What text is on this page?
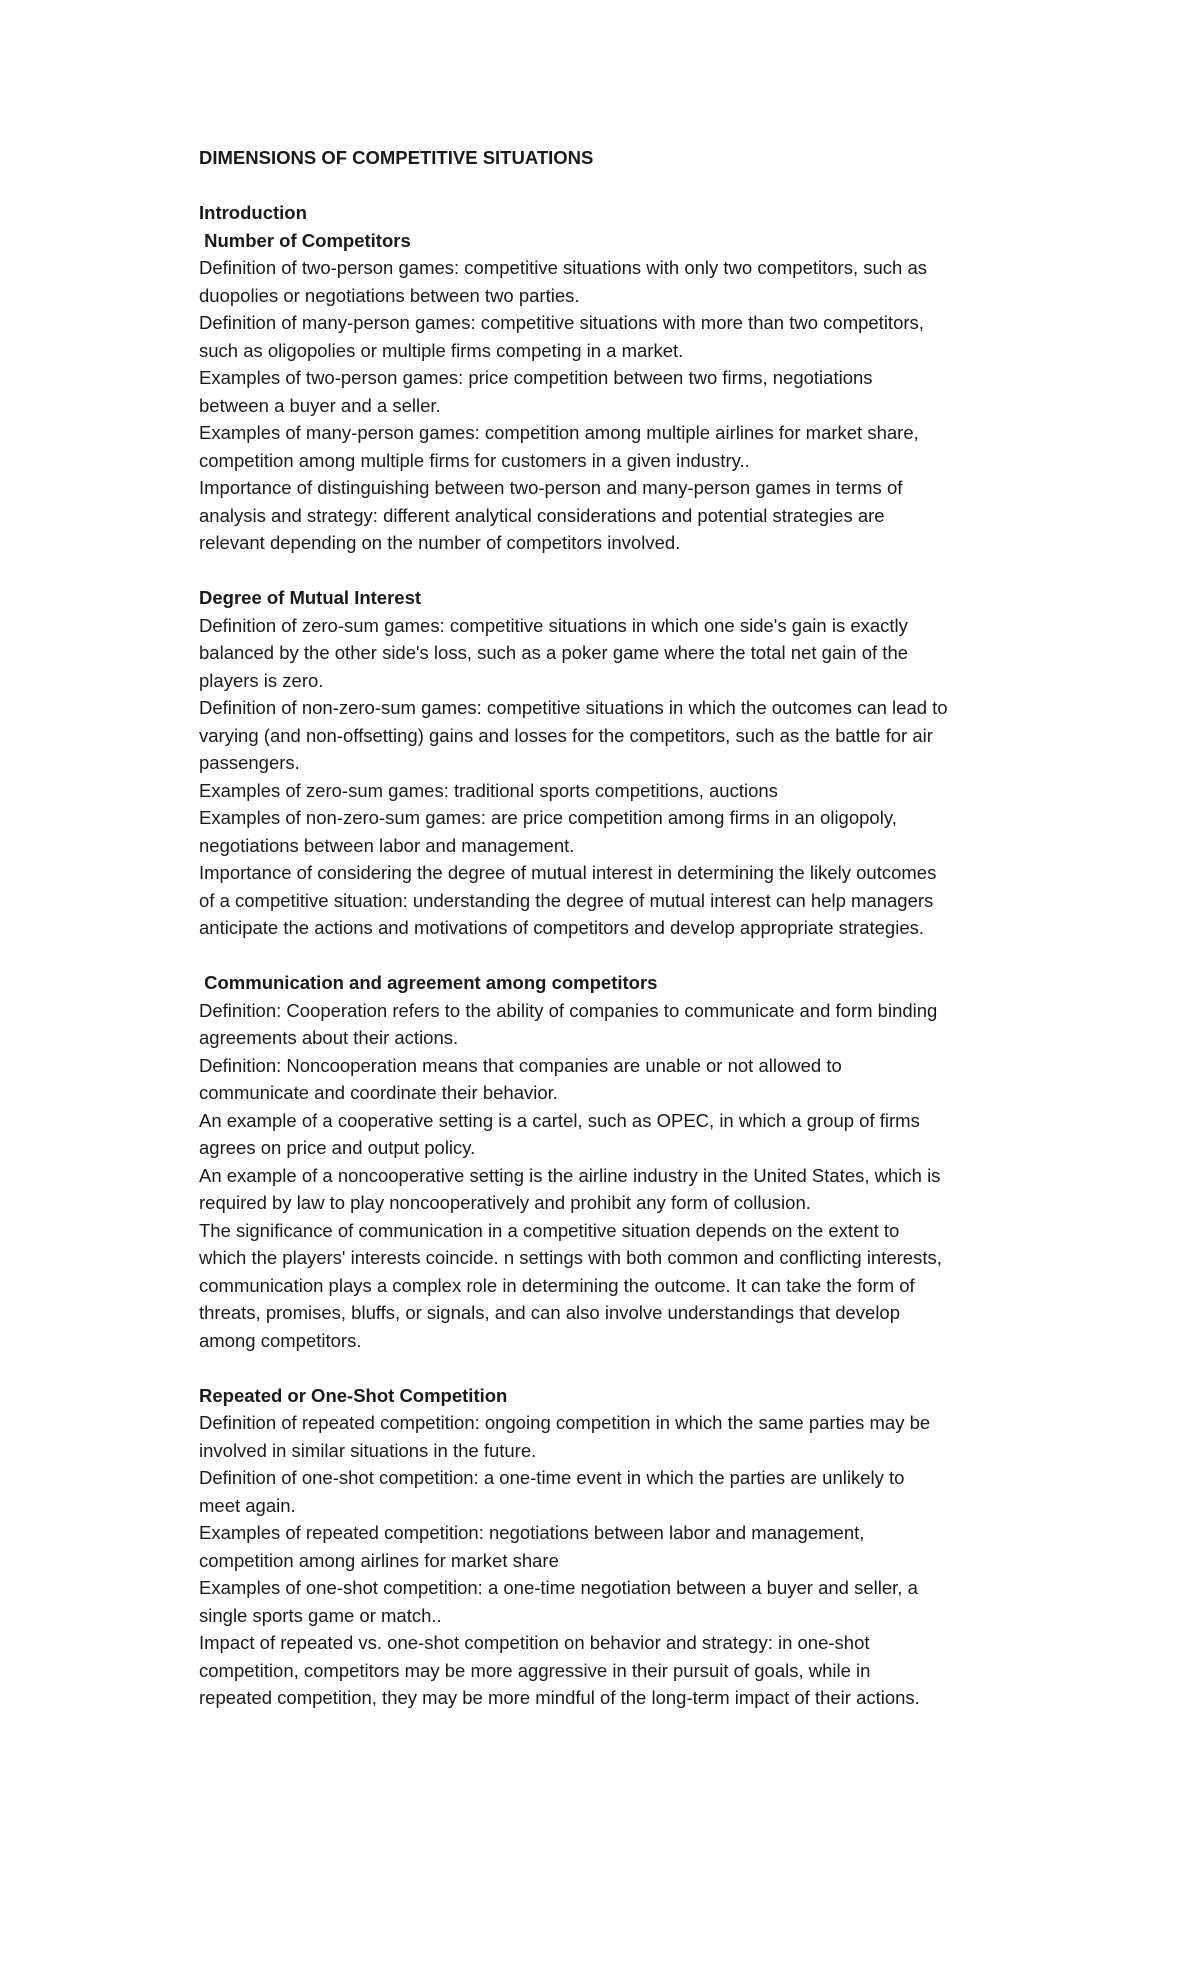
DIMENSIONS OF COMPETITIVE SITUATIONS
Introduction
Number of Competitors
Definition of two-person games: competitive situations with only two competitors, such as
duopolies or negotiations between two parties.
Definition of many-person games: competitive situations with more than two competitors,
such as oligopolies or multiple firms competing in a market.
Examples of two-person games: price competition between two firms, negotiations
between a buyer and a seller.
Examples of many-person games: competition among multiple airlines for market share,
competition among multiple firms for customers in a given industry..
Importance of distinguishing between two-person and many-person games in terms of
analysis and strategy: different analytical considerations and potential strategies are
relevant depending on the number of competitors involved.
Degree of Mutual Interest
Definition of zero-sum games: competitive situations in which one side's gain is exactly
balanced by the other side's loss, such as a poker game where the total net gain of the
players is zero.
Definition of non-zero-sum games: competitive situations in which the outcomes can lead to
varying (and non-offsetting) gains and losses for the competitors, such as the battle for air
passengers.
Examples of zero-sum games: traditional sports competitions, auctions
Examples of non-zero-sum games: are price competition among firms in an oligopoly,
negotiations between labor and management.
Importance of considering the degree of mutual interest in determining the likely outcomes
of a competitive situation: understanding the degree of mutual interest can help managers
anticipate the actions and motivations of competitors and develop appropriate strategies.
Communication and agreement among competitors
Definition: Cooperation refers to the ability of companies to communicate and form binding
agreements about their actions.
Definition: Noncooperation means that companies are unable or not allowed to
communicate and coordinate their behavior.
An example of a cooperative setting is a cartel, such as OPEC, in which a group of firms
agrees on price and output policy.
An example of a noncooperative setting is the airline industry in the United States, which is
required by law to play noncooperatively and prohibit any form of collusion.
The significance of communication in a competitive situation depends on the extent to
which the players' interests coincide. n settings with both common and conflicting interests,
communication plays a complex role in determining the outcome. It can take the form of
threats, promises, bluffs, or signals, and can also involve understandings that develop
among competitors.
Repeated or One-Shot Competition
Definition of repeated competition: ongoing competition in which the same parties may be
involved in similar situations in the future.
Definition of one-shot competition: a one-time event in which the parties are unlikely to
meet again.
Examples of repeated competition: negotiations between labor and management,
competition among airlines for market share
Examples of one-shot competition: a one-time negotiation between a buyer and seller, a
single sports game or match..
Impact of repeated vs. one-shot competition on behavior and strategy: in one-shot
competition, competitors may be more aggressive in their pursuit of goals, while in
repeated competition, they may be more mindful of the long-term impact of their actions.
